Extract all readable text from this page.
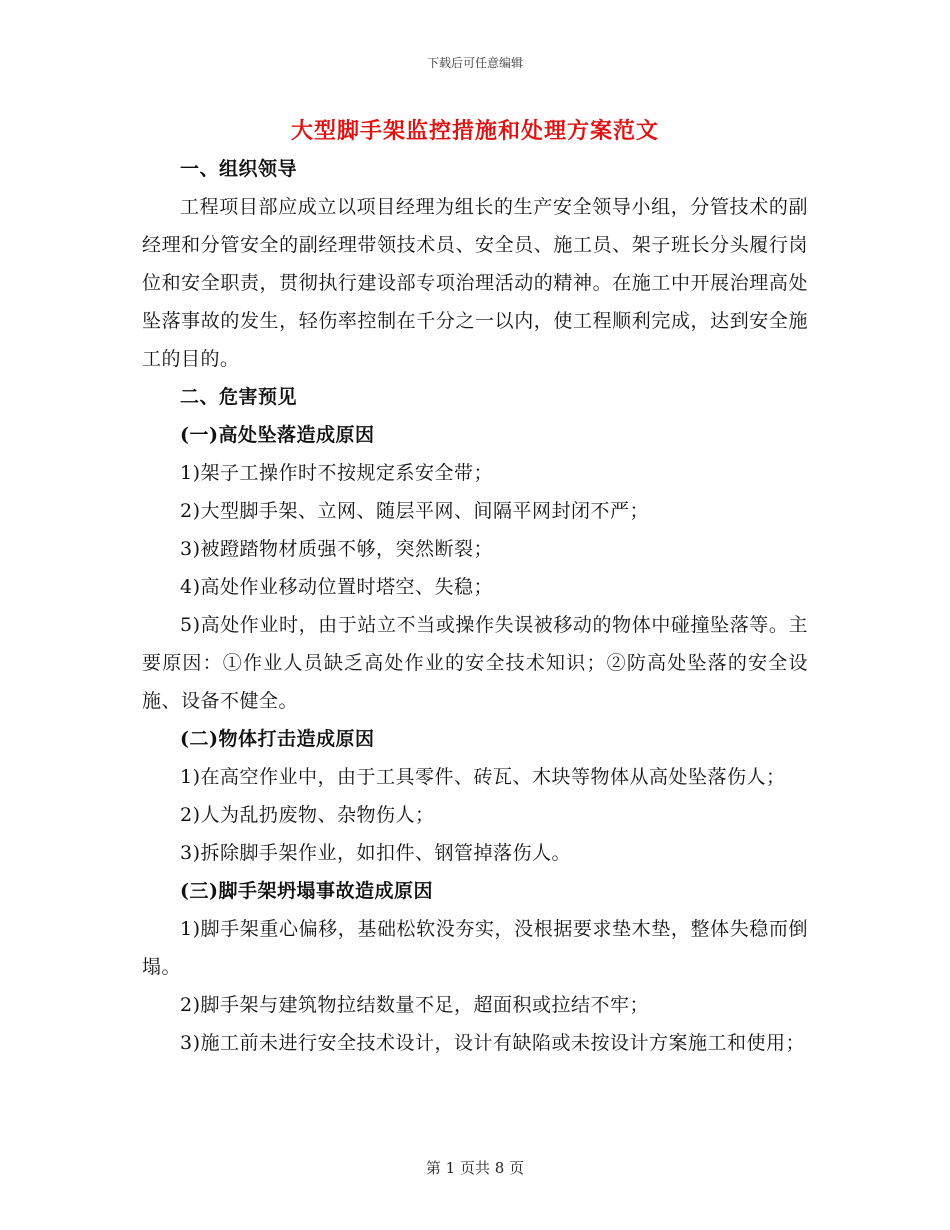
下载后可任意编辑
大型脚手架监控措施和处理方案范文

一、组织领导

工程项目部应成立以项目经理为组长的生产安全领导小组，分管技术的副经理和分管安全的副经理带领技术员、安全员、施工员、架子班长分头履行岗位和安全职责，贯彻执行建设部专项治理活动的精神。在施工中开展治理高处坠落事故的发生，轻伤率控制在千分之一以内，使工程顺利完成，达到安全施工的目的。

二、危害预见

(一)高处坠落造成原因

1)架子工操作时不按规定系安全带；

2)大型脚手架、立网、随层平网、间隔平网封闭不严；

3)被蹬踏物材质强不够，突然断裂；

4)高处作业移动位置时塔空、失稳；

5)高处作业时，由于站立不当或操作失误被移动的物体中碰撞坠落等。主要原因：①作业人员缺乏高处作业的安全技术知识；②防高处坠落的安全设施、设备不健全。

(二)物体打击造成原因

1)在高空作业中，由于工具零件、砖瓦、木块等物体从高处坠落伤人；

2)人为乱扔废物、杂物伤人；

3)拆除脚手架作业，如扣件、钢管掉落伤人。

(三)脚手架坍塌事故造成原因

1)脚手架重心偏移，基础松软没夯实，没根据要求垫木垫，整体失稳而倒塌。

2)脚手架与建筑物拉结数量不足，超面积或拉结不牢；

3)施工前未进行安全技术设计，设计有缺陷或未按设计方案施工和使用；

第 1 页共 8 页
